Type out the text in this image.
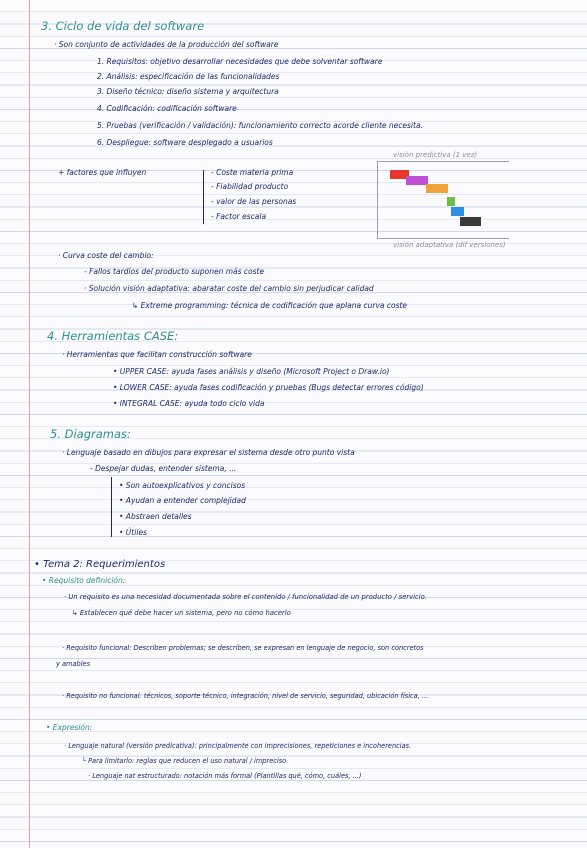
3. Ciclo de vida del software
· Son conjunto de actividades de la producción del software
1. Requisitos: objetivo desarrollar necesidades que debe solventar software
2. Análisis: especificación de las funcionalidades
3. Diseño técnico: diseño sistema y arquitectura
4. Codificación: codificación software
5. Pruebas (verificación / validación): funcionamiento correcto acorde cliente necesita.
6. Despliegue: software desplegado a usuarios
+ factores que influyen	- Coste materia prima
- Fiabilidad producto
- valor de las personas
- Factor escala
visión predictiva (1 vez)
visión adaptativa (dif versiones)
· Curva coste del cambio:
- Fallos tardíos del producto suponen más coste
· Solución visión adaptativa: abaratar coste del cambio sin perjudicar calidad
↳ Extreme programming: técnica de codificación que aplana curva coste
4. Herramientas CASE:
· Herramientas que facilitan construcción software
• UPPER CASE: ayuda fases análisis y diseño (Microsoft Project o Draw.io)
• LOWER CASE: ayuda fases codificación y pruebas (Bugs detectar errores código)
• INTEGRAL CASE: ayuda todo ciclo vida
5. Diagramas:
· Lenguaje basado en dibujos para expresar el sistema desde otro punto vista
- Despejar dudas, entender sistema, ...
• Son autoexplicativos y concisos
• Ayudan a entender complejidad
• Abstraen detalles
• Útiles
• Tema 2: Requerimientos
• Requisito definición:
· Un requisito es una necesidad documentada sobre el contenido / funcionalidad de un producto / servicio.
↳ Establecen qué debe hacer un sistema, pero no cómo hacerlo
· Requisito funcional: Describen problemas; se describen, se expresan en lenguaje de negocio, son concretos
y amables
· Requisito no funcional: técnicos, soporte técnico, integración, nivel de servicio, seguridad, ubicación física, ...
• Expresión:
· Lenguaje natural (versión predicativa): principalmente con imprecisiones, repeticiones e incoherencias.
└ Para limitarlo: reglas que reducen el uso natural / impreciso
· Lenguaje nat estructurado: notación más formal (Plantillas qué, cómo, cuáles, ...)
